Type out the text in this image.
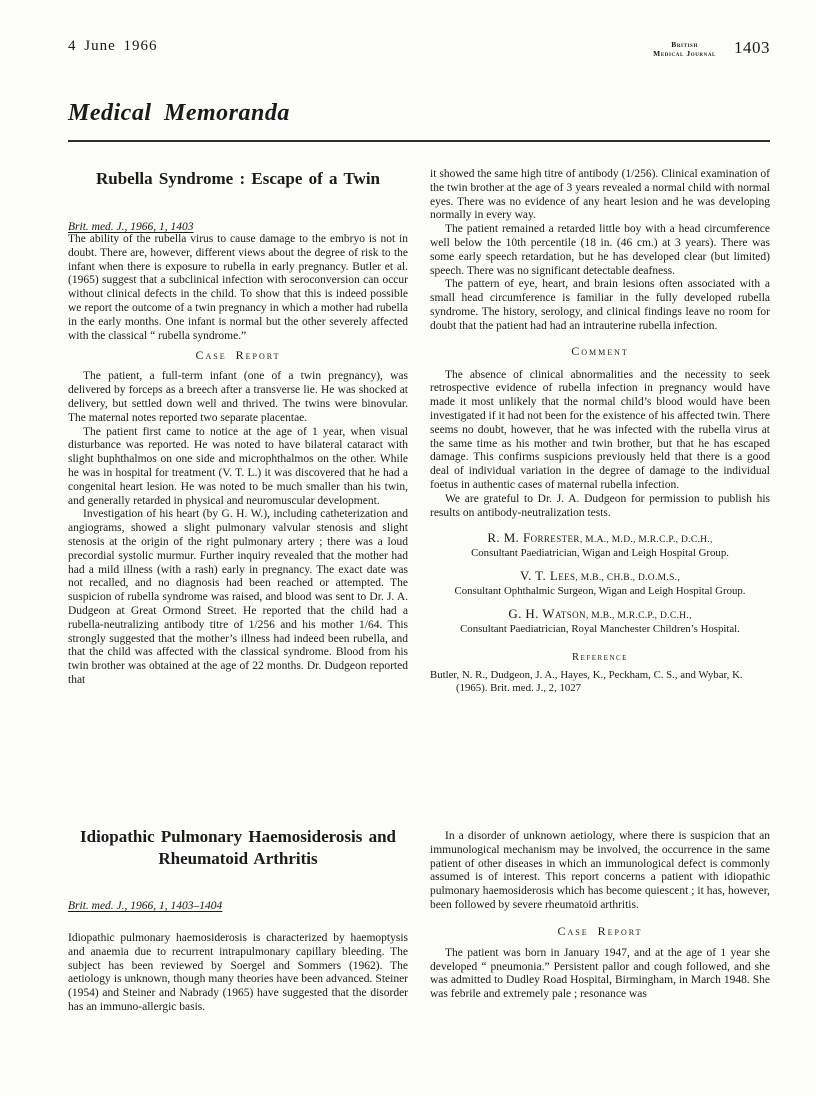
4 June 1966	British
Medical Journal 1403
Medical Memoranda
Rubella Syndrome : Escape of a Twin
Brit. med. J., 1966, 1, 1403

The ability of the rubella virus to cause damage to the embryo is not in doubt. There are, however, different views about the degree of risk to the infant when there is exposure to rubella in early pregnancy. Butler et al. (1965) suggest that a subclinical infection with seroconversion can occur without clinical defects in the child. To show that this is indeed possible we report the outcome of a twin pregnancy in which a mother had rubella in the early months. One infant is normal but the other severely affected with the classical “ rubella syndrome.”

Case Report

The patient, a full-term infant (one of a twin pregnancy), was delivered by forceps as a breech after a transverse lie. He was shocked at delivery, but settled down well and thrived. The twins were binovular. The maternal notes reported two separate placentae.

The patient first came to notice at the age of 1 year, when visual disturbance was reported. He was noted to have bilateral cataract with slight buphthalmos on one side and microphthalmos on the other. While he was in hospital for treatment (V. T. L.) it was discovered that he had a congenital heart lesion. He was noted to be much smaller than his twin, and generally retarded in physical and neuromuscular development.

Investigation of his heart (by G. H. W.), including catheterization and angiograms, showed a slight pulmonary valvular stenosis and slight stenosis at the origin of the right pulmonary artery ; there was a loud precordial systolic murmur. Further inquiry revealed that the mother had had a mild illness (with a rash) early in pregnancy. The exact date was not recalled, and no diagnosis had been reached or attempted. The suspicion of rubella syndrome was raised, and blood was sent to Dr. J. A. Dudgeon at Great Ormond Street. He reported that the child had a rubella-neutralizing antibody titre of 1/256 and his mother 1/64. This strongly suggested that the mother’s illness had indeed been rubella, and that the child was affected with the classical syndrome. Blood from his twin brother was obtained at the age of 22 months. Dr. Dudgeon reported that

it showed the same high titre of antibody (1/256). Clinical examination of the twin brother at the age of 3 years revealed a normal child with normal eyes. There was no evidence of any heart lesion and he was developing normally in every way.

The patient remained a retarded little boy with a head circumference well below the 10th percentile (18 in. (46 cm.) at 3 years). There was some early speech retardation, but he has developed clear (but limited) speech. There was no significant detectable deafness.

The pattern of eye, heart, and brain lesions often associated with a small head circumference is familiar in the fully developed rubella syndrome. The history, serology, and clinical findings leave no room for doubt that the patient had had an intrauterine rubella infection.

Comment

The absence of clinical abnormalities and the necessity to seek retrospective evidence of rubella infection in pregnancy would have made it most unlikely that the normal child’s blood would have been investigated if it had not been for the existence of his affected twin. There seems no doubt, however, that he was infected with the rubella virus at the same time as his mother and twin brother, but that he has escaped damage. This confirms suspicions previously held that there is a good deal of individual variation in the degree of damage to the individual foetus in authentic cases of maternal rubella infection.

We are grateful to Dr. J. A. Dudgeon for permission to publish his results on antibody-neutralization tests.

R. M. Forrester, M.A., M.D., M.R.C.P., D.C.H.,
Consultant Paediatrician, Wigan and Leigh Hospital Group.
V. T. Lees, M.B., CH.B., D.O.M.S.,
Consultant Ophthalmic Surgeon, Wigan and Leigh Hospital Group.
G. H. Watson, M.B., M.R.C.P., D.C.H.,
Consultant Paediatrician, Royal Manchester Children’s Hospital.
Reference

Butler, N. R., Dudgeon, J. A., Hayes, K., Peckham, C. S., and Wybar, K. (1965). Brit. med. J., 2, 1027

Idiopathic Pulmonary Haemosiderosis and
Rheumatoid Arthritis
Brit. med. J., 1966, 1, 1403–1404

Idiopathic pulmonary haemosiderosis is characterized by haemoptysis and anaemia due to recurrent intrapulmonary capillary bleeding. The subject has been reviewed by Soergel and Sommers (1962). The aetiology is unknown, though many theories have been advanced. Steiner (1954) and Steiner and Nabrady (1965) have suggested that the disorder has an immuno-allergic basis.

In a disorder of unknown aetiology, where there is suspicion that an immunological mechanism may be involved, the occurrence in the same patient of other diseases in which an immunological defect is commonly assumed is of interest. This report concerns a patient with idiopathic pulmonary haemosiderosis which has become quiescent ; it has, however, been followed by severe rheumatoid arthritis.

Case Report

The patient was born in January 1947, and at the age of 1 year she developed “ pneumonia.” Persistent pallor and cough followed, and she was admitted to Dudley Road Hospital, Birmingham, in March 1948. She was febrile and extremely pale ; resonance was
